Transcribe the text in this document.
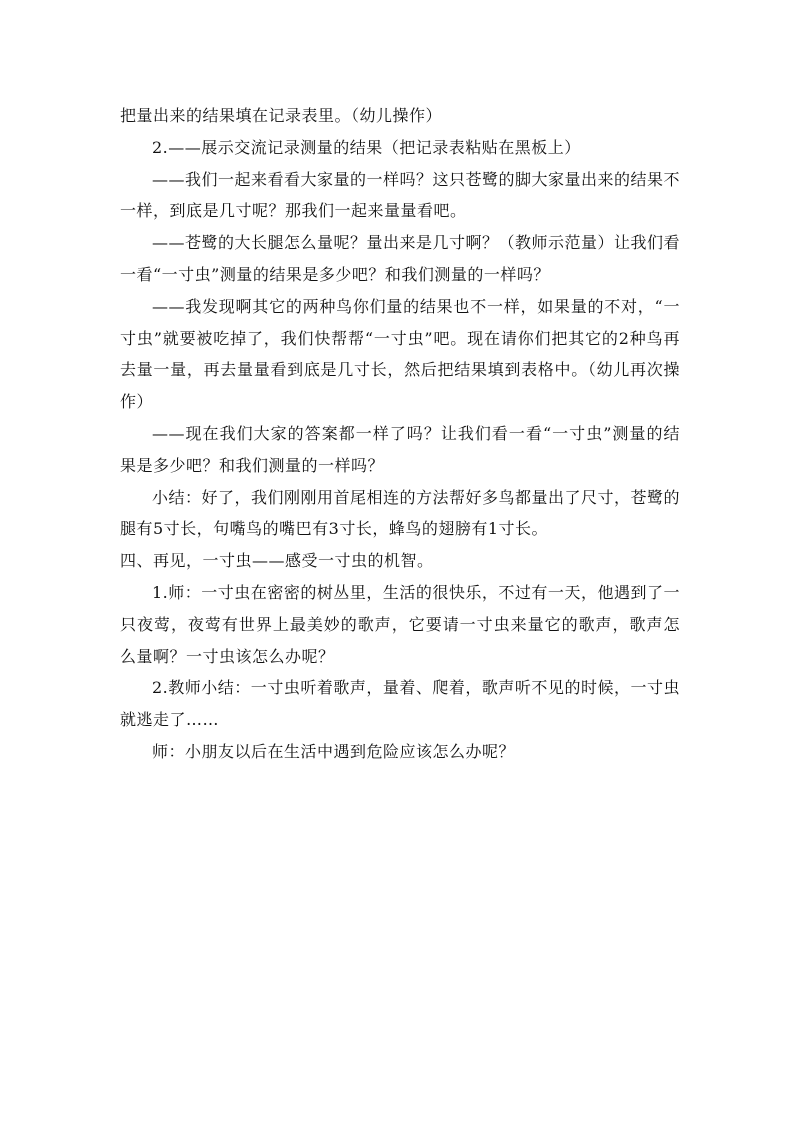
把量出来的结果填在记录表里。（幼儿操作）

2.——展示交流记录测量的结果（把记录表粘贴在黑板上）

——我们一起来看看大家量的一样吗？这只苍鹭的脚大家量出来的结果不一样，到底是几寸呢？那我们一起来量量看吧。

——苍鹭的大长腿怎么量呢？量出来是几寸啊？（教师示范量）让我们看一看“一寸虫”测量的结果是多少吧？和我们测量的一样吗？

——我发现啊其它的两种鸟你们量的结果也不一样，如果量的不对，“一寸虫”就要被吃掉了，我们快帮帮“一寸虫”吧。现在请你们把其它的2种鸟再去量一量，再去量量看到底是几寸长，然后把结果填到表格中。（幼儿再次操作）

——现在我们大家的答案都一样了吗？让我们看一看“一寸虫”测量的结果是多少吧？和我们测量的一样吗？

小结：好了，我们刚刚用首尾相连的方法帮好多鸟都量出了尺寸，苍鹭的腿有5寸长，句嘴鸟的嘴巴有3寸长，蜂鸟的翅膀有1寸长。

四、再见，一寸虫——感受一寸虫的机智。

1.师：一寸虫在密密的树丛里，生活的很快乐，不过有一天，他遇到了一只夜莺，夜莺有世界上最美妙的歌声，它要请一寸虫来量它的歌声，歌声怎么量啊？一寸虫该怎么办呢？

2.教师小结：一寸虫听着歌声，量着、爬着，歌声听不见的时候，一寸虫就逃走了……

师：小朋友以后在生活中遇到危险应该怎么办呢？
